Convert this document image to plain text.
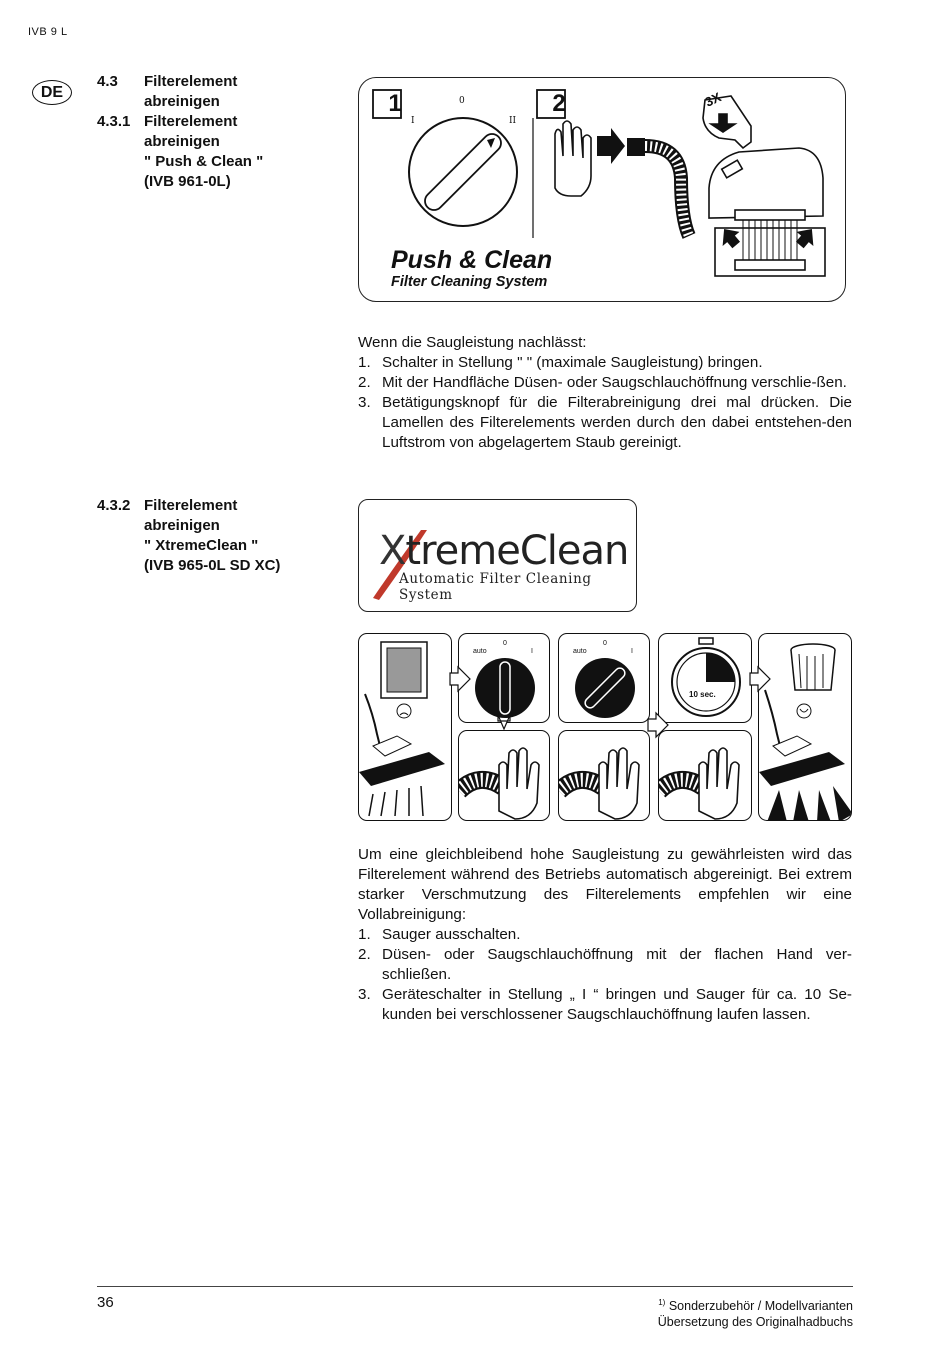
IVB 9 L
DE
4.3	Filterelement
abreinigen
4.3.1 Filterelement
abreinigen
" Push & Clean "
(IVB 961-0L)
1	2
0
I	II
3X
Push & Clean
Filter Cleaning System

Wenn die Saugleistung nachlässt:

1. Schalter in Stellung " " (maximale Saugleistung) bringen.
2. Mit der Handfläche Düsen- oder Saugschlauchöffnung verschlie-ßen.
3. Betätigungsknopf für die Filterabreinigung drei mal drücken. Die Lamellen des Filterelements werden durch den dabei entstehen-den Luftstrom von abgelagertem Staub gereinigt.
4.3.2 Filterelement
abreinigen
" XtremeClean "
(IVB 965-0L SD XC) XtremeClean
Automatic Filter Cleaning System
auto
0
I	auto
0
I
10 sec.

Um eine gleichbleibend hohe Saugleistung zu gewährleisten wird das Filterelement während des Betriebs automatisch abgereinigt. Bei extrem starker Verschmutzung des Filterelements empfehlen wir eine Vollabreinigung:

1. Sauger ausschalten.
2. Düsen- oder Saugschlauchöffnung mit der flachen Hand ver-schließen.
3. Geräteschalter in Stellung „ I “ bringen und Sauger für ca. 10 Se-kunden bei verschlossener Saugschlauchöffnung laufen lassen.
36	$^{1)}$ Sonderzubehör / Modellvarianten
Übersetzung des Originalhadbuchs
